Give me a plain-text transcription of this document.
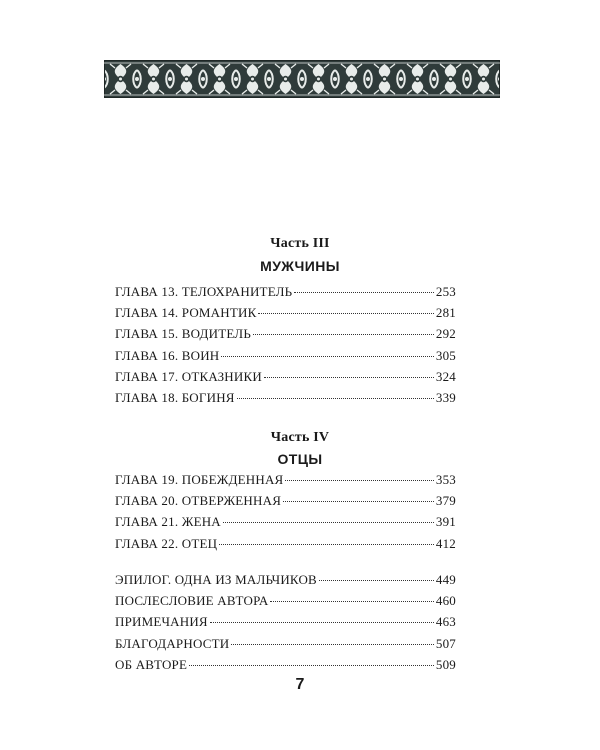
Часть III
МУЖЧИНЫ
ГЛАВА 13. ТЕЛОХРАНИТЕЛЬ	253
ГЛАВА 14. РОМАНТИК	281
ГЛАВА 15. ВОДИТЕЛЬ	292
ГЛАВА 16. ВОИН	305
ГЛАВА 17. ОТКАЗНИКИ	324
ГЛАВА 18. БОГИНЯ	339
Часть IV
ОТЦЫ
ГЛАВА 19. ПОБЕЖДЕННАЯ	353
ГЛАВА 20. ОТВЕРЖЕННАЯ	379
ГЛАВА 21. ЖЕНА	391
ГЛАВА 22. ОТЕЦ	412
ЭПИЛОГ. ОДНА ИЗ МАЛЬЧИКОВ	449
ПОСЛЕСЛОВИЕ АВТОРА	460
ПРИМЕЧАНИЯ	463
БЛАГОДАРНОСТИ	507
ОБ АВТОРЕ	509
7
